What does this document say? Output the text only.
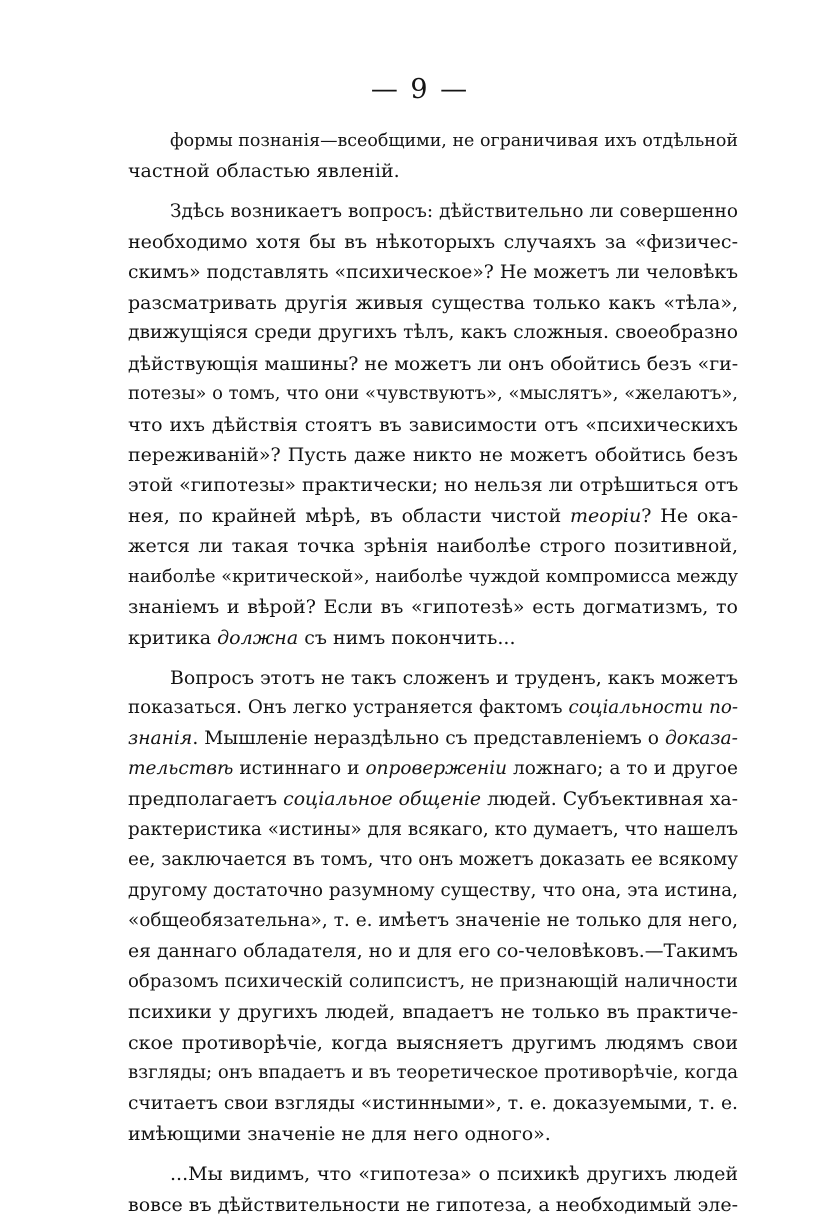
— 9 —
формы познанія—всеобщими, не ограничивая ихъ отдѣльной
частной областью явленій.
Здѣсь возникаетъ вопросъ: дѣйствительно ли совершенно
необходимо хотя бы въ нѣкоторыхъ случаяхъ за «физичес-
скимъ» подставлять «психическое»? Не можетъ ли человѣкъ
разсматривать другія живыя существа только какъ «тѣла»,
движущіяся среди другихъ тѣлъ, какъ сложныя. своеобразно
дѣйствующія машины? не можетъ ли онъ обойтись безъ «ги-
потезы» о томъ, что они «чувствуютъ», «мыслятъ», «желаютъ»,
что ихъ дѣйствія стоятъ въ зависимости отъ «психическихъ
переживаній»? Пусть даже никто не можетъ обойтись безъ
этой «гипотезы» практически; но нельзя ли отрѣшиться отъ
нея, по крайней мѣрѣ, въ области чистой теоріи? Не ока-
жется ли такая точка зрѣнія наиболѣе строго позитивной,
наиболѣе «критической», наиболѣе чуждой компромисса между
знаніемъ и вѣрой? Если въ «гипотезѣ» есть догматизмъ, то
критика должна съ нимъ покончить...
Вопросъ этотъ не такъ сложенъ и труденъ, какъ можетъ
показаться. Онъ легко устраняется фактомъ соціальности по-
знанія. Мышленіе нераздѣльно съ представленіемъ о доказа-
тельствѣ истиннаго и опроверженіи ложнаго; а то и другое
предполагаетъ соціальное общеніе людей. Субъективная ха-
рактеристика «истины» для всякаго, кто думаетъ, что нашелъ
ее, заключается въ томъ, что онъ можетъ доказать ее всякому
другому достаточно разумному существу, что она, эта истина,
«общеобязательна», т. е. имѣетъ значеніе не только для него,
ея даннаго обладателя, но и для его со-человѣковъ.—Такимъ
образомъ психическій солипсистъ, не признающій наличности
психики у другихъ людей, впадаетъ не только въ практиче-
ское противорѣчіе, когда выясняетъ другимъ людямъ свои
взгляды; онъ впадаетъ и въ теоретическое противорѣчіе, когда
считаетъ свои взгляды «истинными», т. е. доказуемыми, т. е.
имѣющими значеніе не для него одного».
...Мы видимъ, что «гипотеза» о психикѣ другихъ людей
вовсе въ дѣйствительности не гипотеза, а необходимый эле-
